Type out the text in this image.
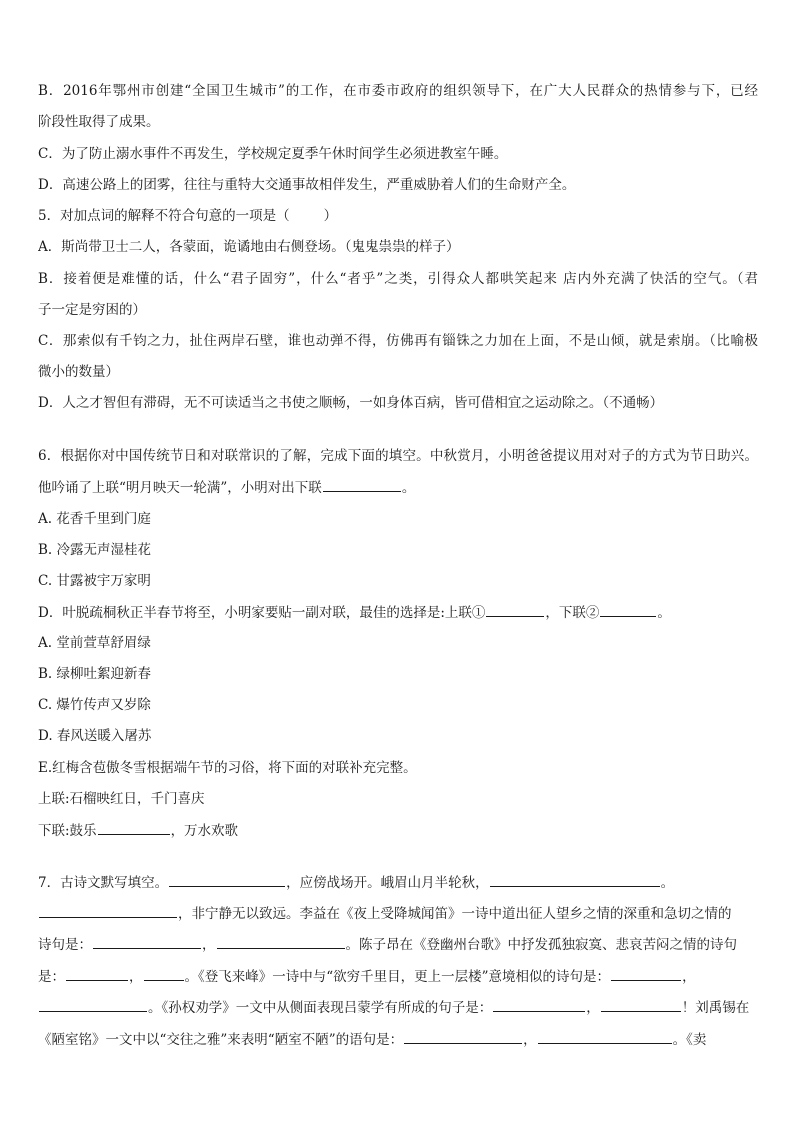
B．2016年鄂州市创建“全国卫生城市”的工作，在市委市政府的组织领导下，在广大人民群众的热情参与下，已经
阶段性取得了成果。
C．为了防止溺水事件不再发生，学校规定夏季午休时间学生必须进教室午睡。
D．高速公路上的团雾，往往与重特大交通事故相伴发生，严重威胁着人们的生命财产全。
5．对加点词的解释不符合句意的一项是（	）
A．斯尚带卫士二人，各蒙面，诡谲地由右侧登场。（鬼鬼祟祟的样子）
B．接着便是难懂的话，什么“君子固穷”，什么“者乎”之类，引得众人都哄笑起来 店内外充满了快活的空气。（君
子一定是穷困的）
C．那索似有千钧之力，扯住两岸石壁，谁也动弹不得，仿佛再有锱铢之力加在上面，不是山倾，就是索崩。（比喻极
微小的数量）
D．人之才智但有滞碍，无不可读适当之书使之顺畅，一如身体百病，皆可借相宜之运动除之。（不通畅）
6．根据你对中国传统节日和对联常识的了解，完成下面的填空。中秋赏月，小明爸爸提议用对对子的方式为节日助兴。
他吟诵了上联“明月映天一轮满”，小明对出下联	。
A. 花香千里到门庭
B. 冷露无声湿桂花
C. 甘露被宇万家明
D．叶脱疏桐秋正半春节将至，小明家要贴一副对联，最佳的选择是:上联①	，下联②	。
A. 堂前萱草舒眉绿
B. 绿柳吐絮迎新春
C. 爆竹传声又岁除
D. 春风送暖入屠苏
E.红梅含苞傲冬雪根据端午节的习俗，将下面的对联补充完整。
上联:石榴映红日，千门喜庆
下联:鼓乐	，万水欢歌
7．古诗文默写填空。	，应傍战场开。峨眉山月半轮秋，	。
，非宁静无以致远。李益在《夜上受降城闻笛》一诗中道出征人望乡之情的深重和急切之情的
诗句是：	，	。陈子昂在《登幽州台歌》中抒发孤独寂寞、悲哀苦闷之情的诗句
是：	，	。《登飞来峰》一诗中与“欲穷千里目，更上一层楼”意境相似的诗句是：	，
。《孙权劝学》一文中从侧面表现吕蒙学有所成的句子是：	，	！刘禹锡在
《陋室铭》一文中以“交往之雅”来表明“陋室不陋”的语句是：	，	。《卖
